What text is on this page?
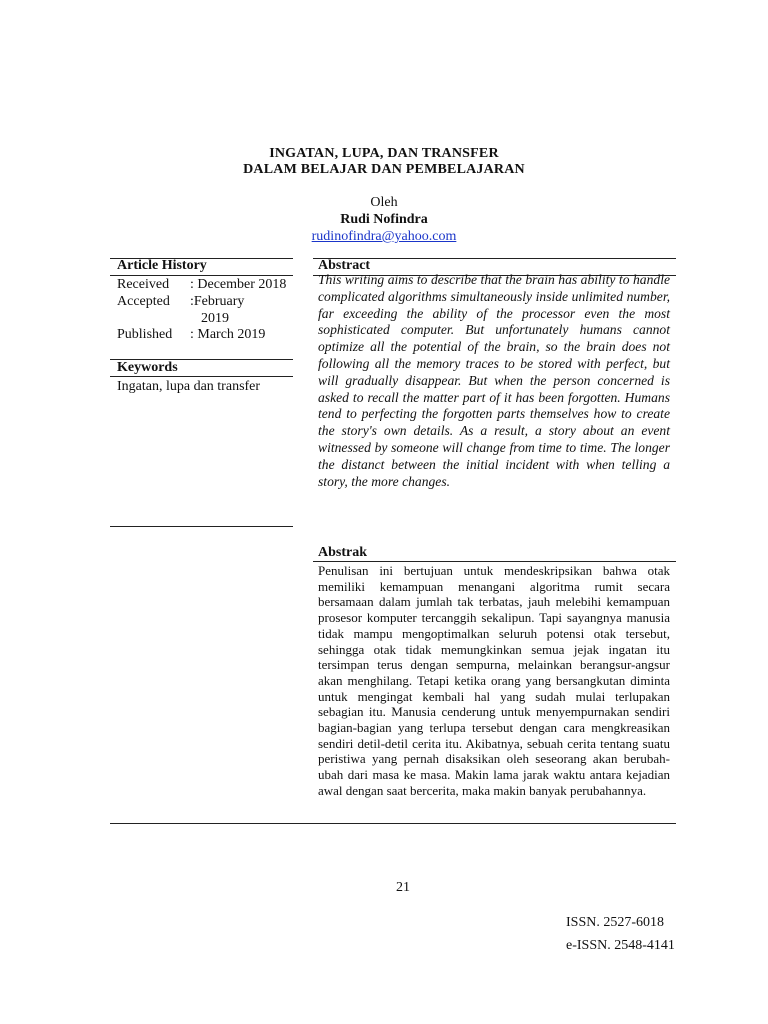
INGATAN, LUPA, DAN TRANSFER
DALAM BELAJAR DAN PEMBELAJARAN
Oleh
Rudi Nofindra
rudinofindra@yahoo.com
Article History	Abstract
Received : December 2018
Accepted :February
2019
Published : March 2019
Keywords
Ingatan, lupa dan transfer
This writing aims to describe that the brain has ability to handle complicated algorithms simultaneously inside unlimited number, far exceeding the ability of the processor even the most sophisticated computer. But unfortunately humans cannot optimize all the potential of the brain, so the brain does not following all the memory traces to be stored with perfect, but will gradually disappear. But when the person concerned is asked to recall the matter part of it has been forgotten. Humans tend to perfecting the forgotten parts themselves how to create the story's own details. As a result, a story about an event witnessed by someone will change from time to time. The longer the distanct between the initial incident with when telling a story, the more changes.
Abstrak
Penulisan ini bertujuan untuk mendeskripsikan bahwa otak memiliki kemampuan menangani algoritma rumit secara bersamaan dalam jumlah tak terbatas, jauh melebihi kemampuan prosesor komputer tercanggih sekalipun. Tapi sayangnya manusia tidak mampu mengoptimalkan seluruh potensi otak tersebut, sehingga otak tidak memungkinkan semua jejak ingatan itu tersimpan terus dengan sempurna, melainkan berangsur-angsur akan menghilang. Tetapi ketika orang yang bersangkutan diminta untuk mengingat kembali hal yang sudah mulai terlupakan sebagian itu. Manusia cenderung untuk menyempurnakan sendiri bagian-bagian yang terlupa tersebut dengan cara mengkreasikan sendiri detil-detil cerita itu. Akibatnya, sebuah cerita tentang suatu peristiwa yang pernah disaksikan oleh seseorang akan berubah-ubah dari masa ke masa. Makin lama jarak waktu antara kejadian awal dengan saat bercerita, maka makin banyak perubahannya.
21
ISSN. 2527-6018
e-ISSN. 2548-4141
